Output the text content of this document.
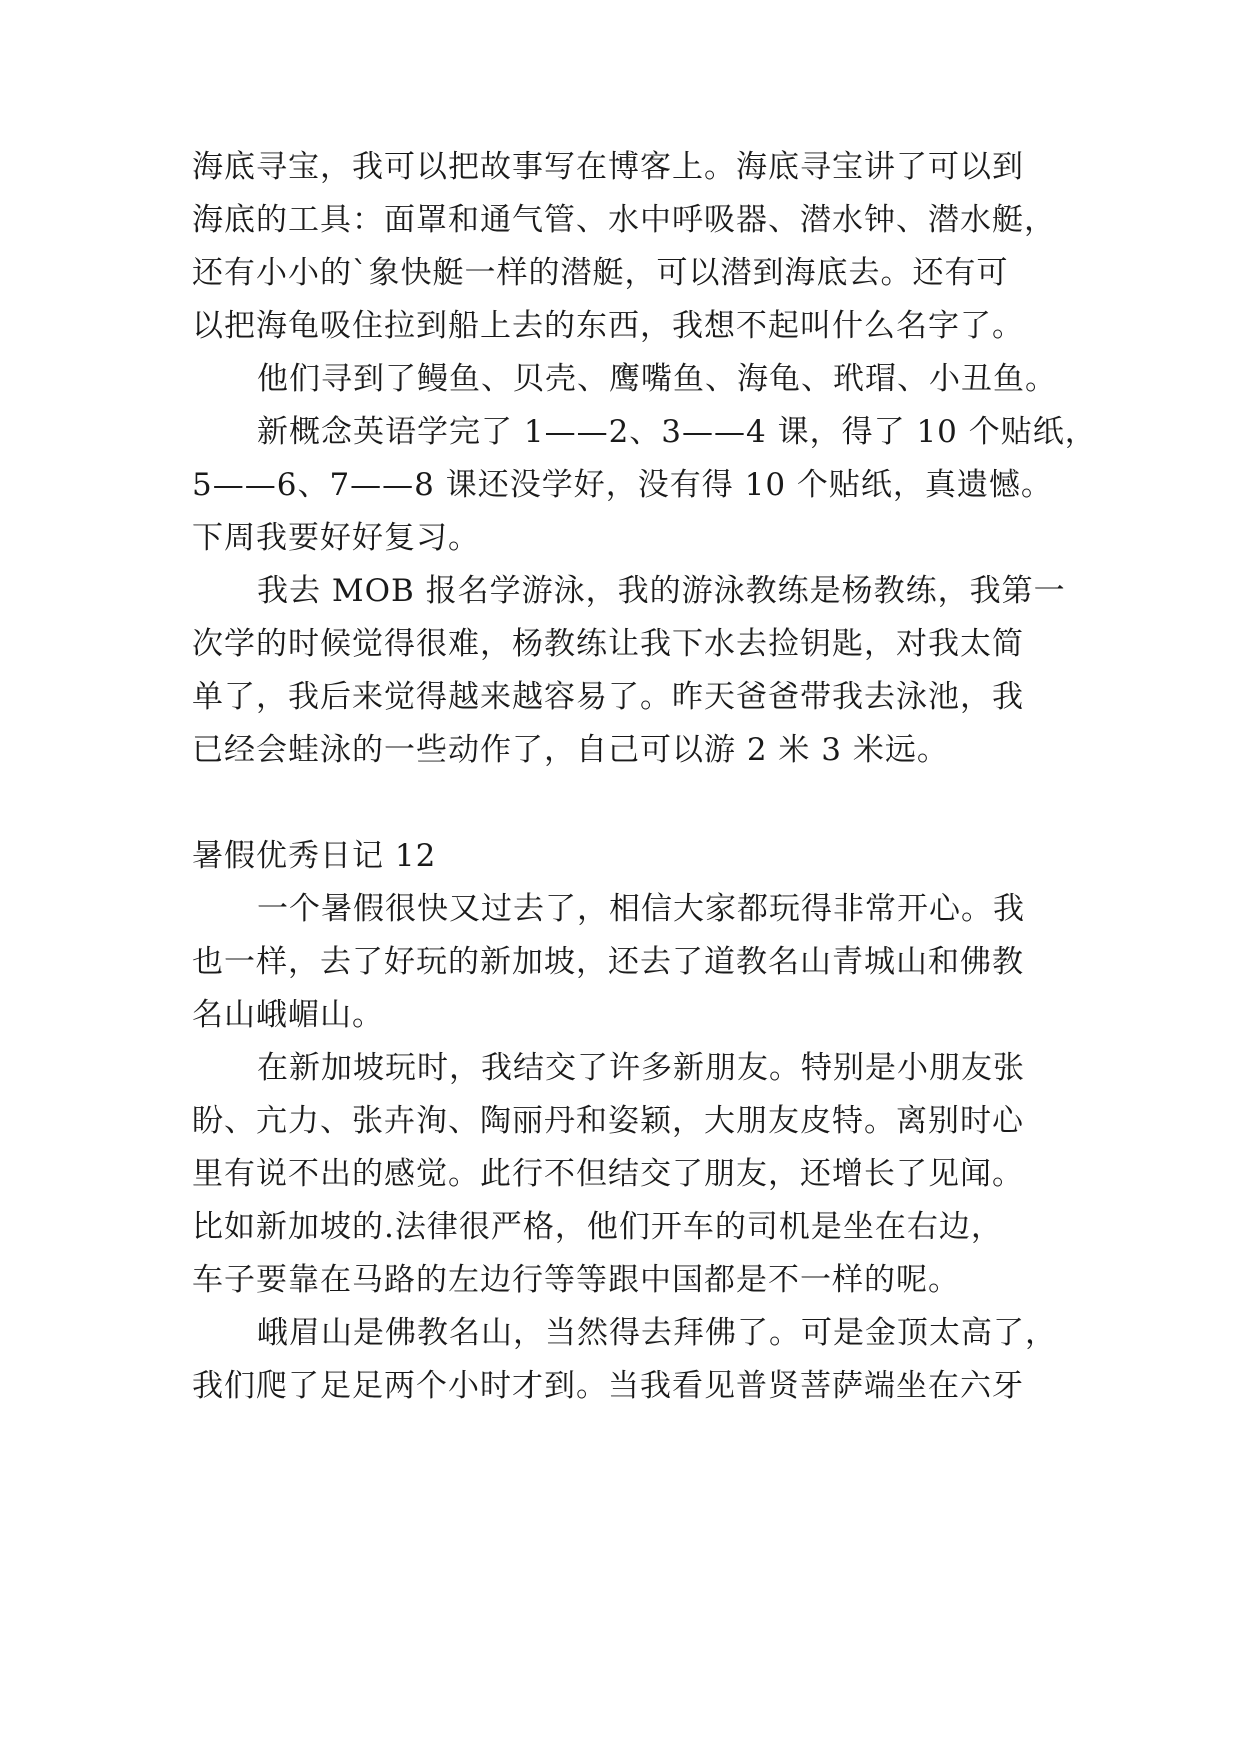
海底寻宝，我可以把故事写在博客上。海底寻宝讲了可以到
海底的工具：面罩和通气管、水中呼吸器、潜水钟、潜水艇，
还有小小的`象快艇一样的潜艇，可以潜到海底去。还有可
以把海龟吸住拉到船上去的东西，我想不起叫什么名字了。
他们寻到了鳗鱼、贝壳、鹰嘴鱼、海龟、玳瑁、小丑鱼。
新概念英语学完了 1——2、3——4 课，得了 10 个贴纸，
5——6、7——8 课还没学好，没有得 10 个贴纸，真遗憾。
下周我要好好复习。
我去 MOB 报名学游泳，我的游泳教练是杨教练，我第一
次学的时候觉得很难，杨教练让我下水去捡钥匙，对我太简
单了，我后来觉得越来越容易了。昨天爸爸带我去泳池，我
已经会蛙泳的一些动作了，自己可以游 2 米 3 米远。
暑假优秀日记 12
一个暑假很快又过去了，相信大家都玩得非常开心。我
也一样，去了好玩的新加坡，还去了道教名山青城山和佛教
名山峨嵋山。
在新加坡玩时，我结交了许多新朋友。特别是小朋友张
盼、亢力、张卉洵、陶丽丹和姿颖，大朋友皮特。离别时心
里有说不出的感觉。此行不但结交了朋友，还增长了见闻。
比如新加坡的.法律很严格，他们开车的司机是坐在右边，
车子要靠在马路的左边行等等跟中国都是不一样的呢。
峨眉山是佛教名山，当然得去拜佛了。可是金顶太高了，
我们爬了足足两个小时才到。当我看见普贤菩萨端坐在六牙
